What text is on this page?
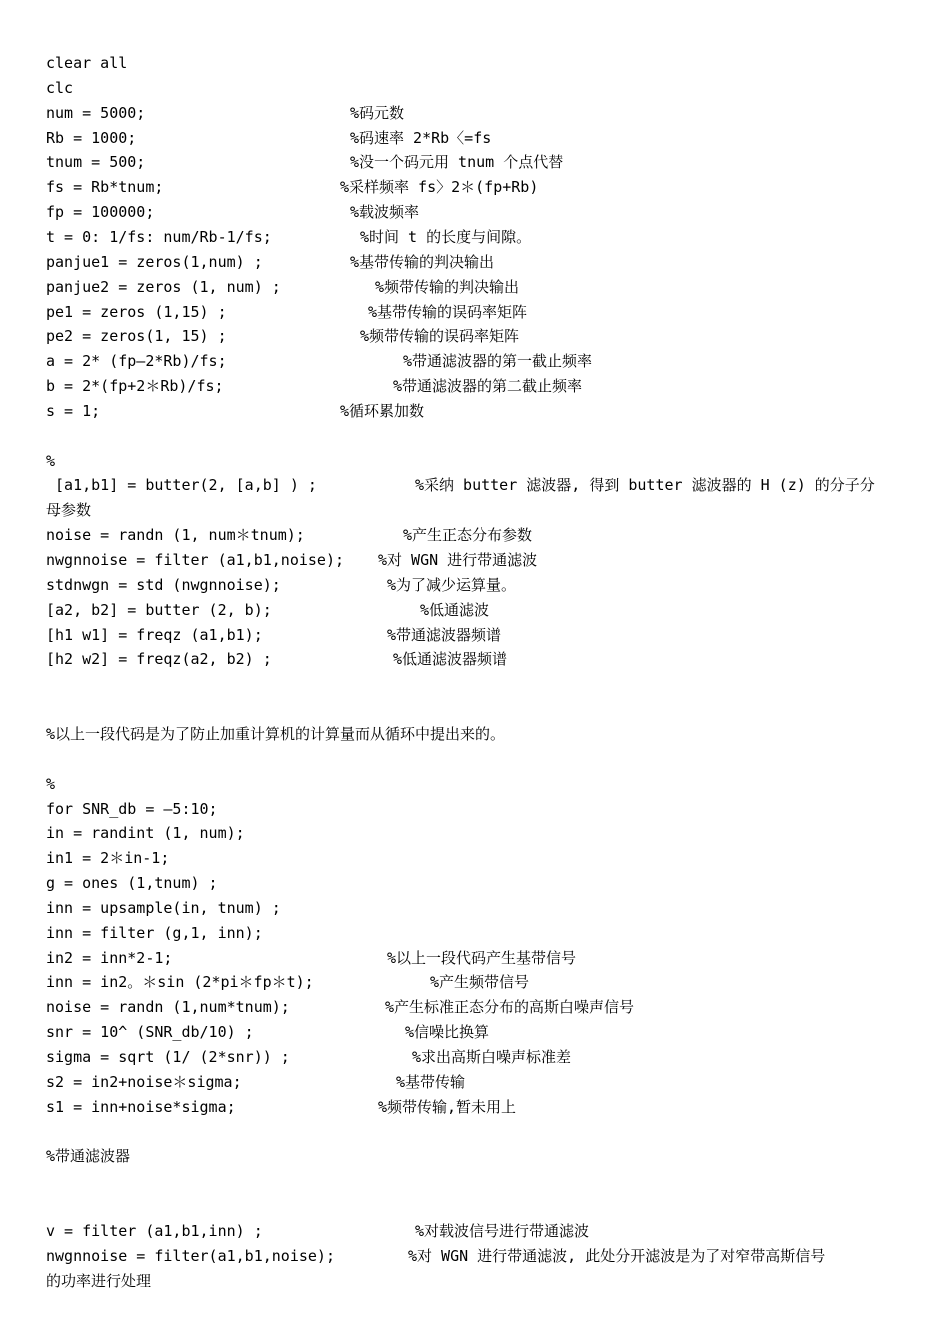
clear all
clc
num = 5000;	%码元数
Rb = 1000;	%码速率 2*Rb〈=fs
tnum = 500;	%没一个码元用 tnum 个点代替
fs = Rb*tnum;	%采样频率 fs〉2＊(fp+Rb)
fp = 100000;	%载波频率
t = 0: 1/fs: num/Rb-1/fs;	%时间 t 的长度与间隙。
panjue1 = zeros(1,num) ;	%基带传输的判决输出
panjue2 = zeros (1, num) ;	%频带传输的判决输出
pe1 = zeros (1,15) ;	%基带传输的误码率矩阵
pe2 = zeros(1, 15) ;	%频带传输的误码率矩阵
a = 2* (fp—2*Rb)/fs;	%带通滤波器的第一截止频率
b = 2*(fp+2＊Rb)/fs;	%带通滤波器的第二截止频率
s = 1;	%循环累加数
%
[a1,b1] = butter(2, [a,b] ) ;	%采纳 butter 滤波器, 得到 butter 滤波器的 H (z) 的分子分
母参数
noise = randn (1, num＊tnum);	%产生正态分布参数
nwgnnoise = filter (a1,b1,noise); %对 WGN 进行带通滤波
stdnwgn = std (nwgnnoise);	%为了减少运算量。
[a2, b2] = butter (2, b);	%低通滤波
[h1 w1] = freqz (a1,b1);	%带通滤波器频谱
[h2 w2] = freqz(a2, b2) ;	%低通滤波器频谱
%以上一段代码是为了防止加重计算机的计算量而从循环中提出来的。
%
for SNR_db = —5:10;
in = randint (1, num);
in1 = 2＊in-1;
g = ones (1,tnum) ;
inn = upsample(in, tnum) ;
inn = filter (g,1, inn);
in2 = inn*2-1;	%以上一段代码产生基带信号
inn = in2。＊sin (2*pi＊fp＊t);	%产生频带信号
noise = randn (1,num*tnum);	%产生标准正态分布的高斯白噪声信号
snr = 10^ (SNR_db/10) ;	%信噪比换算
sigma = sqrt (1/ (2*snr)) ;	%求出高斯白噪声标准差
s2 = in2+noise＊sigma;	%基带传输
s1 = inn+noise*sigma;	%频带传输,暂未用上
%带通滤波器
v = filter (a1,b1,inn) ;	%对载波信号进行带通滤波
nwgnnoise = filter(a1,b1,noise);	%对 WGN 进行带通滤波, 此处分开滤波是为了对窄带高斯信号
的功率进行处理
